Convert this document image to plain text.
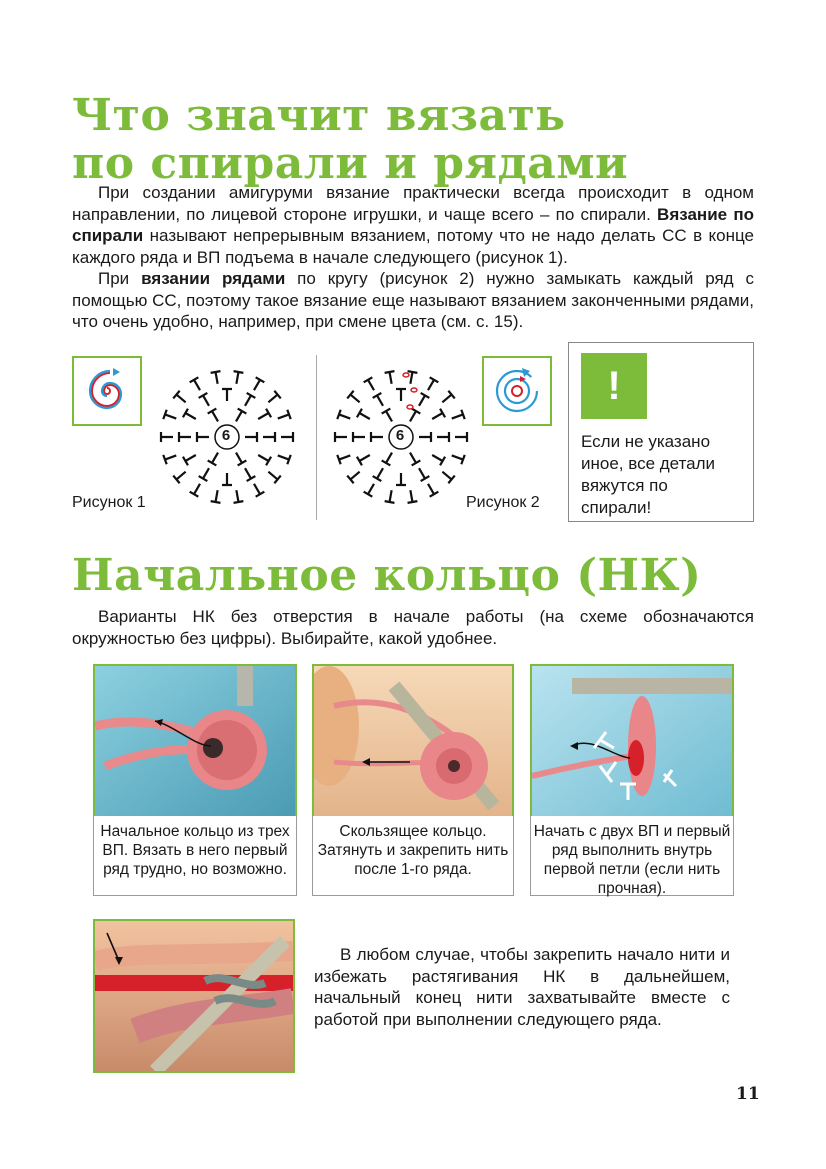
Что значит вязать
по спирали и рядами

При создании амигуруми вязание практически всегда происходит в одном направлении, по лицевой стороне игрушки, и чаще всего – по спирали. Вязание по спирали называют непрерывным вязанием, потому что не надо делать СС в конце каждого ряда и ВП подъема в начале следующего (рисунок 1).

При вязании рядами по кругу (рисунок 2) нужно замыкать каждый ряд с помощью СС, поэтому такое вязание еще называют вязанием законченными рядами, что очень удобно, например, при смене цвета (см. с. 15).

6
Рисунок 1
6
Рисунок 2
!
Если не указано иное, все детали вяжутся по спирали!
Начальное кольцо (НК)

Варианты НК без отверстия в начале работы (на схеме обозначаются окружностью без цифры). Выбирайте, какой удобнее.

Начальное кольцо из трех ВП. Вязать в него первый ряд трудно, но возможно.
Скользящее кольцо. Затянуть и закрепить нить после 1-го ряда.
Начать с двух ВП и первый ряд выполнить внутрь первой петли (если нить прочная).

В любом случае, чтобы закрепить начало нити и избежать растягивания НК в дальнейшем, начальный конец нити захватывайте вместе с работой при выполнении следующего ряда.

11
